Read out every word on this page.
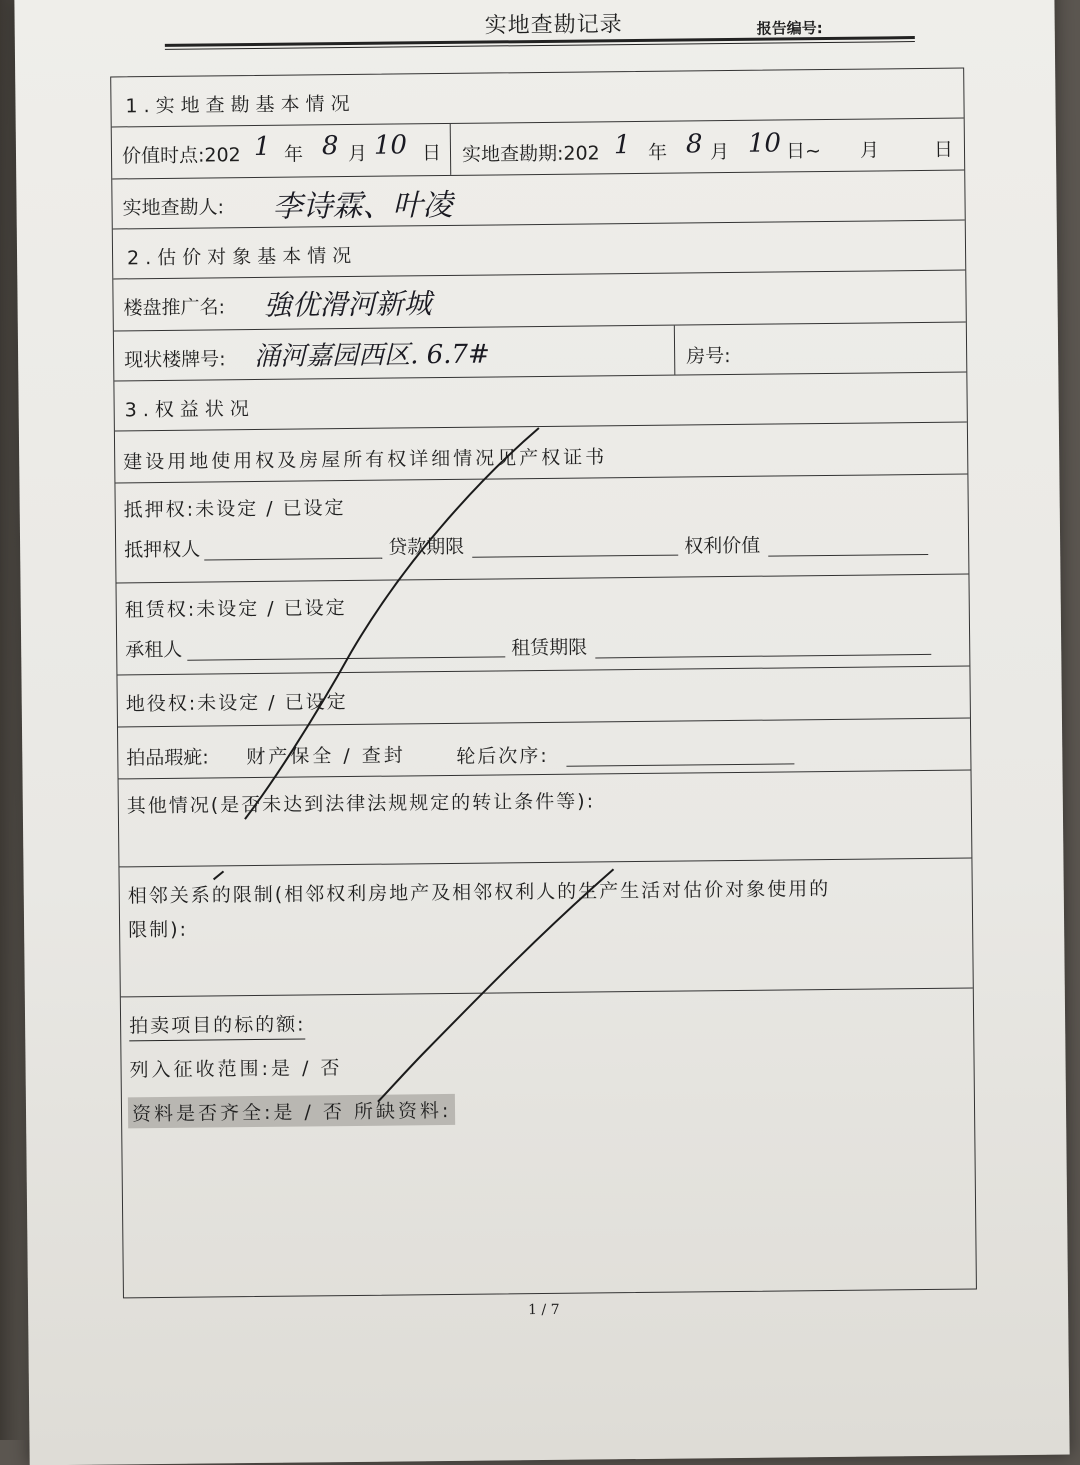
实地查勘记录	报告编号:
1.实地查勘基本情况
价值时点:202 1 年 8 月 10 日 实地查勘期:202 1 年 8 月 10 日~ 月	日
实地查勘人: 李诗霖、叶凌
2.估价对象基本情况
楼盘推广名: 強优滑河新城
现状楼牌号: 涌河嘉园西区. 6.7#	房号:
3.权益状况
建设用地使用权及房屋所有权详细情况见产权证书
抵押权:未设定 / 已设定
抵押权人	贷款期限	权利价值
租赁权:未设定 / 已设定
承租人	租赁期限
地役权:未设定 / 已设定
拍品瑕疵: 财产保全 / 查封	轮后次序:
其他情况(是否未达到法律法规规定的转让条件等):
相邻关系的限制(相邻权利房地产及相邻权利人的生产生活对估价对象使用的
限制):
拍卖项目的标的额:
列入征收范围:是 / 否
资料是否齐全:是 / 否 所缺资料:
1 / 7
